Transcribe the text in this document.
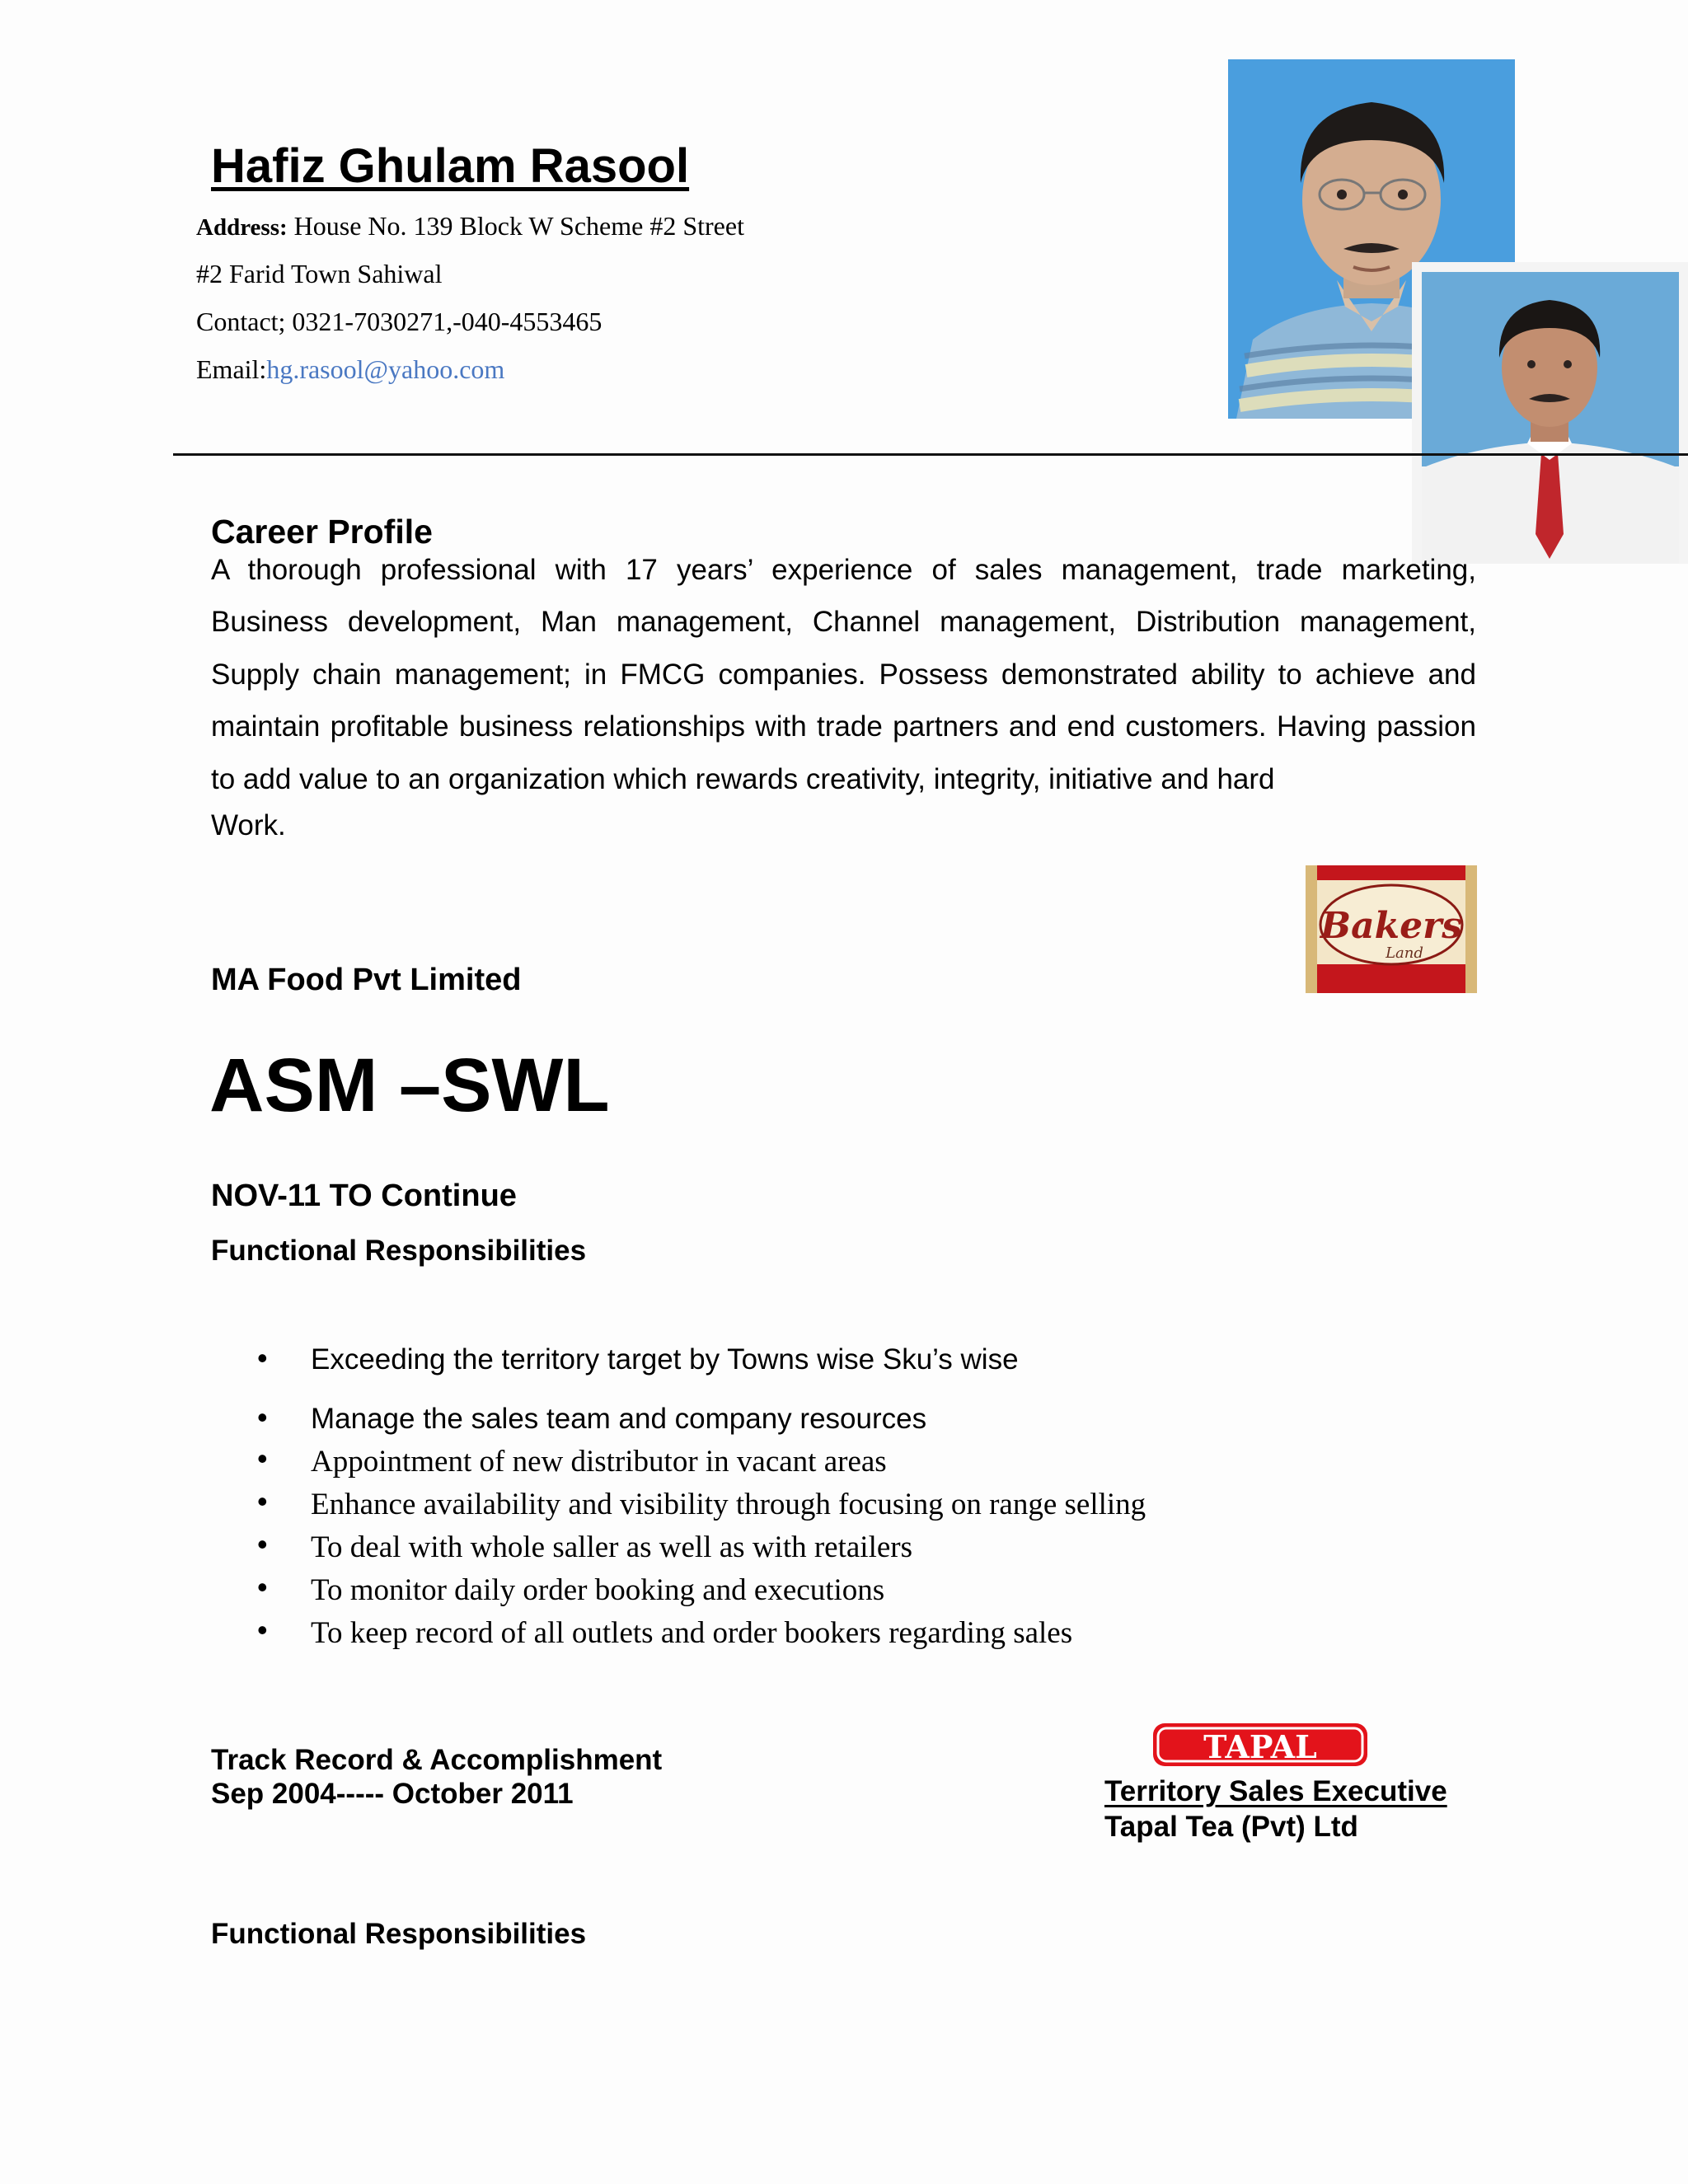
Hafiz Ghulam Rasool
Address: House No. 139 Block W Scheme #2 Street
#2 Farid Town Sahiwal
Contact; 0321-7030271,-040-4553465
Email:hg.rasool@yahoo.com
Career Profile
A thorough professional with 17 years’ experience of sales management, trade marketing, Business development, Man management, Channel management, Distribution management, Supply chain management; in FMCG companies. Possess demonstrated ability to achieve and maintain profitable business relationships with trade partners and end customers. Having passion to add value to an organization which rewards creativity, integrity, initiative and hard
Work.
Bakers
Land
MA Food Pvt Limited
ASM –SWL
NOV-11 TO Continue
Functional Responsibilities
• Exceeding the territory target by Towns wise Sku’s wise
• Manage the sales team and company resources
• Appointment of new distributor in vacant areas
• Enhance availability and visibility through focusing on range selling
• To deal with whole saller as well as with retailers
• To monitor daily order booking and executions
• To keep record of all outlets and order bookers regarding sales
Track Record & Accomplishment
Sep 2004----- October 2011
TAPAL
Territory Sales Executive
Tapal Tea (Pvt) Ltd
Functional Responsibilities
